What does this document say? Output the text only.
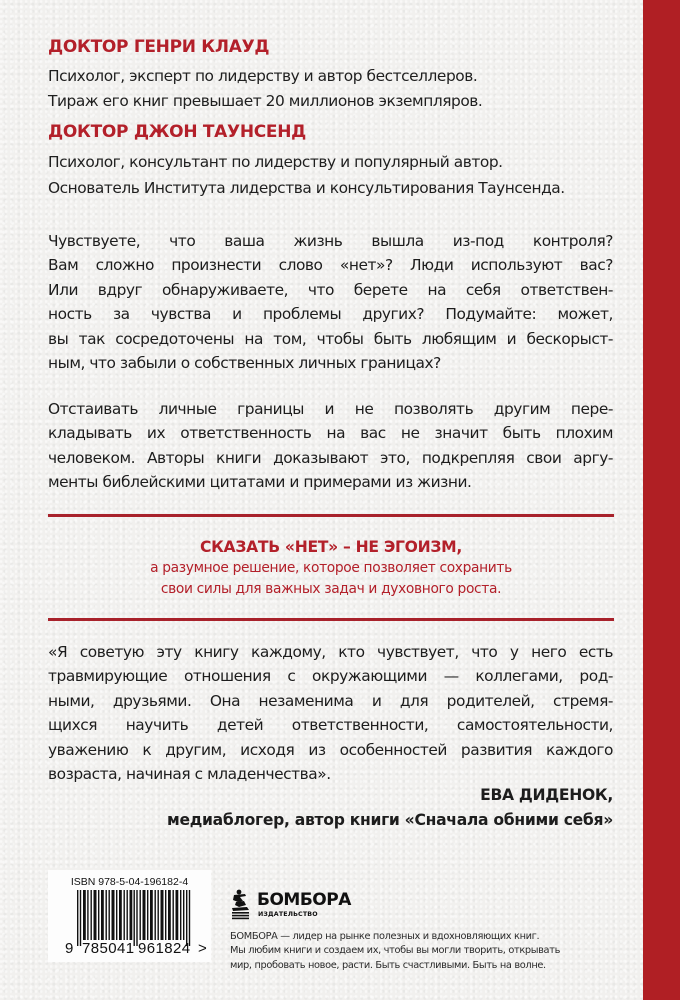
ДОКТОР ГЕНРИ КЛАУД
Психолог, эксперт по лидерству и автор бестселлеров.
Тираж его книг превышает 20 миллионов экземпляров.
ДОКТОР ДЖОН ТАУНСЕНД
Психолог, консультант по лидерству и популярный автор.
Основатель Института лидерства и консультирования Таунсенда.
Чувствуете, что ваша жизнь вышла из-под контроля?
Вам сложно произнести слово «нет»? Люди используют вас?
Или вдруг обнаруживаете, что берете на себя ответствен-
ность за чувства и проблемы других? Подумайте: может,
вы так сосредоточены на том, чтобы быть любящим и бескорыст-
ным, что забыли о собственных личных границах?
Отстаивать личные границы и не позволять другим пере-
кладывать их ответственность на вас не значит быть плохим
человеком. Авторы книги доказывают это, подкрепляя свои аргу-
менты библейскими цитатами и примерами из жизни.
«Я советую эту книгу каждому, кто чувствует, что у него есть
травмирующие отношения с окружающими — коллегами, род-
ными, друзьями. Она незаменима и для родителей, стремя-
щихся научить детей ответственности, самостоятельности,
уважению к другим, исходя из особенностей развития каждого
возраста, начиная с младенчества».
ЕВА ДИДЕНОК,
медиаблогер, автор книги «Сначала обними себя»
СКАЗАТЬ «НЕТ» – НЕ ЭГОИЗМ,
а разумное решение, которое позволяет сохранить
свои силы для важных задач и духовного роста.
ISBN 978-5-04-196182-4
9 785041 961824 >
БОМБОРА
ИЗДАТЕЛЬСТВО
БОМБОРА — лидер на рынке полезных и вдохновляющих книг.
Мы любим книги и создаем их, чтобы вы могли творить, открывать
мир, пробовать новое, расти. Быть счастливыми. Быть на волне.
